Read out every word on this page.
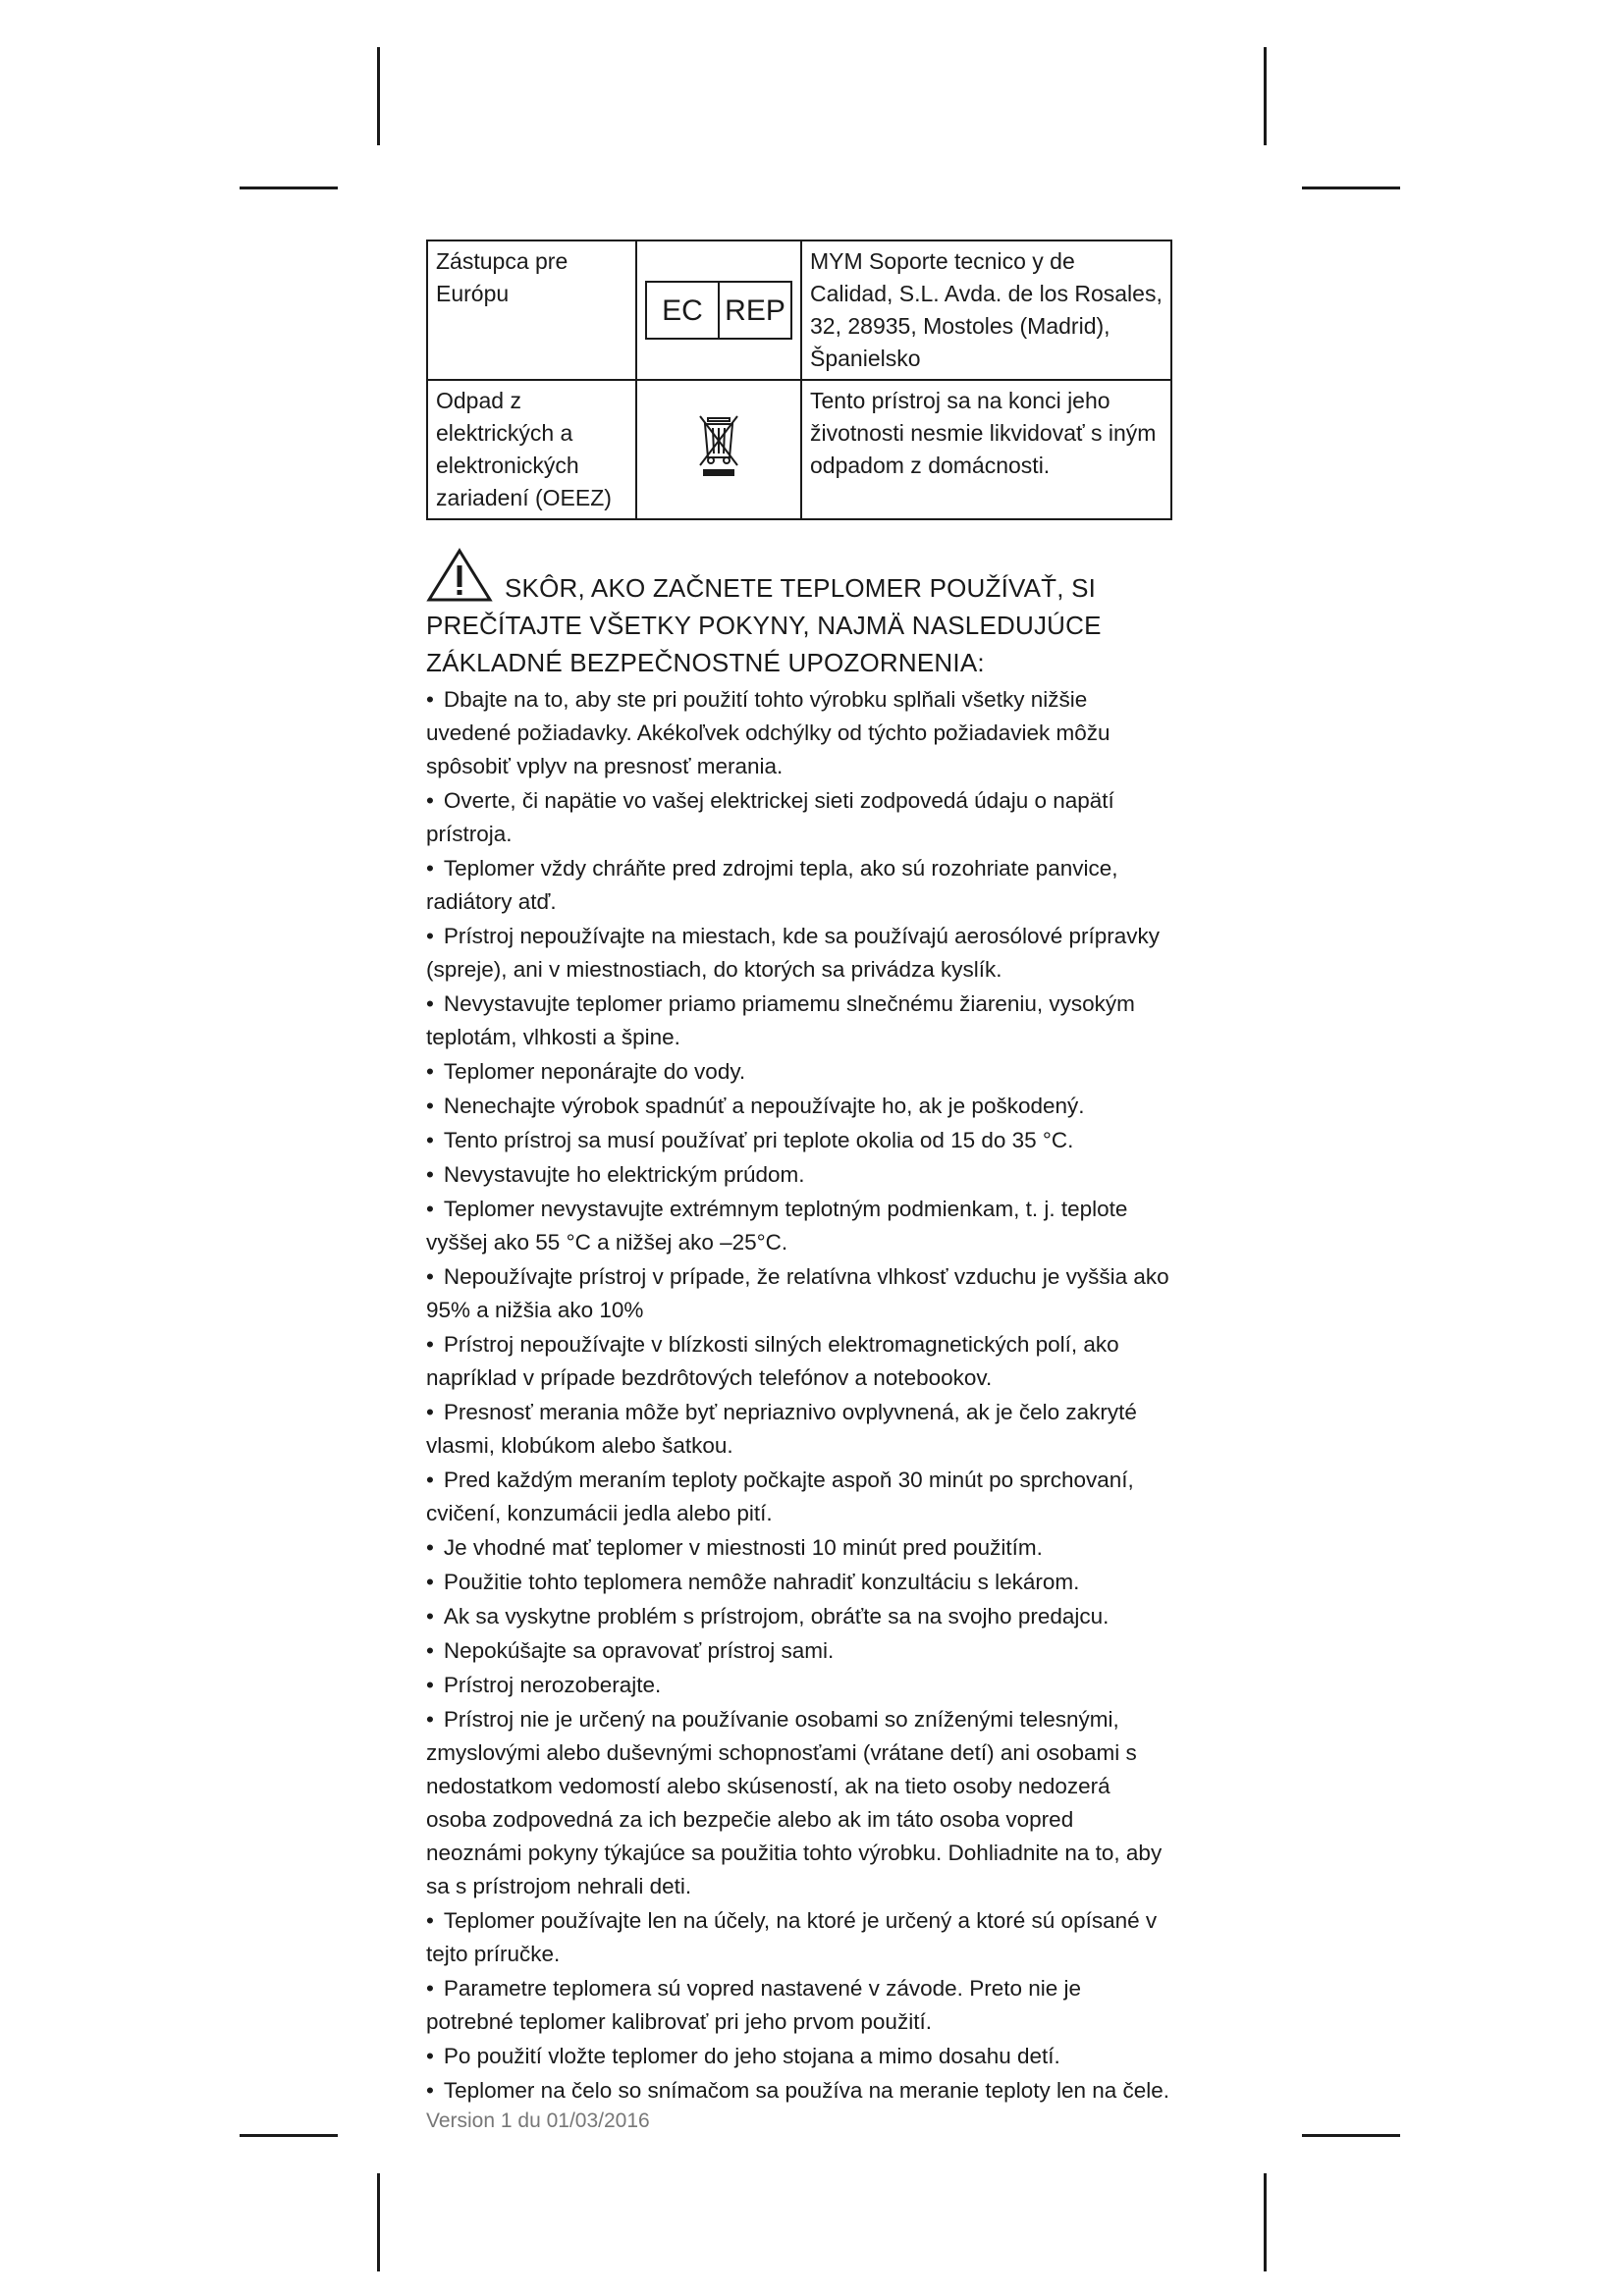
Zástupca pre Európu	EC REP	MYM Soporte tecnico y de Calidad, S.L. Avda. de los Rosales, 32, 28935, Mostoles (Madrid), Španielsko
Odpad z elektrických a elektronických zariadení (OEEZ)		Tento prístroj sa na konci jeho životnosti nesmie likvidovať s iným odpadom z domácnosti.
SKÔR, AKO ZAČNETE TEPLOMER POUŽÍVAŤ, SI PREČÍTAJTE VŠETKY POKYNY, NAJMÄ NASLEDUJÚCE ZÁKLADNÉ BEZPEČNOSTNÉ UPOZORNENIA:
• Dbajte na to, aby ste pri použití tohto výrobku splňali všetky nižšie uvedené požiadavky. Akékoľvek odchýlky od týchto požiadaviek môžu spôsobiť vplyv na presnosť merania.
• Overte, či napätie vo vašej elektrickej sieti zodpovedá údaju o napätí prístroja.
• Teplomer vždy chráňte pred zdrojmi tepla, ako sú rozohriate panvice, radiátory atď.
• Prístroj nepoužívajte na miestach, kde sa používajú aerosólové prípravky (spreje), ani v miestnostiach, do ktorých sa privádza kyslík.
• Nevystavujte teplomer priamo priamemu slnečnému žiareniu, vysokým teplotám, vlhkosti a špine.
• Teplomer neponárajte do vody.
• Nenechajte výrobok spadnúť a nepoužívajte ho, ak je poškodený.
• Tento prístroj sa musí používať pri teplote okolia od 15 do 35 °C.
• Nevystavujte ho elektrickým prúdom.
• Teplomer nevystavujte extrémnym teplotným podmienkam, t. j. teplote vyššej ako 55 °C a nižšej ako –25°C.
• Nepoužívajte prístroj v prípade, že relatívna vlhkosť vzduchu je vyššia ako 95% a nižšia ako 10%
• Prístroj nepoužívajte v blízkosti silných elektromagnetických polí, ako napríklad v prípade bezdrôtových telefónov a notebookov.
• Presnosť merania môže byť nepriaznivo ovplyvnená, ak je čelo zakryté vlasmi, klobúkom alebo šatkou.
• Pred každým meraním teploty počkajte aspoň 30 minút po sprchovaní, cvičení, konzumácii jedla alebo pití.
• Je vhodné mať teplomer v miestnosti 10 minút pred použitím.
• Použitie tohto teplomera nemôže nahradiť konzultáciu s lekárom.
• Ak sa vyskytne problém s prístrojom, obráťte sa na svojho predajcu.
• Nepokúšajte sa opravovať prístroj sami.
• Prístroj nerozoberajte.
• Prístroj nie je určený na používanie osobami so zníženými telesnými, zmyslovými alebo duševnými schopnosťami (vrátane detí) ani osobami s nedostatkom vedomostí alebo skúseností, ak na tieto osoby nedozerá osoba zodpovedná za ich bezpečie alebo ak im táto osoba vopred neoznámi pokyny týkajúce sa použitia tohto výrobku. Dohliadnite na to, aby sa s prístrojom nehrali deti.
• Teplomer používajte len na účely, na ktoré je určený a ktoré sú opísané v tejto príručke.
• Parametre teplomera sú vopred nastavené v závode. Preto nie je potrebné teplomer kalibrovať pri jeho prvom použití.
• Po použití vložte teplomer do jeho stojana a mimo dosahu detí.
• Teplomer na čelo so snímačom sa používa na meranie teploty len na čele.
Version 1 du 01/03/2016
